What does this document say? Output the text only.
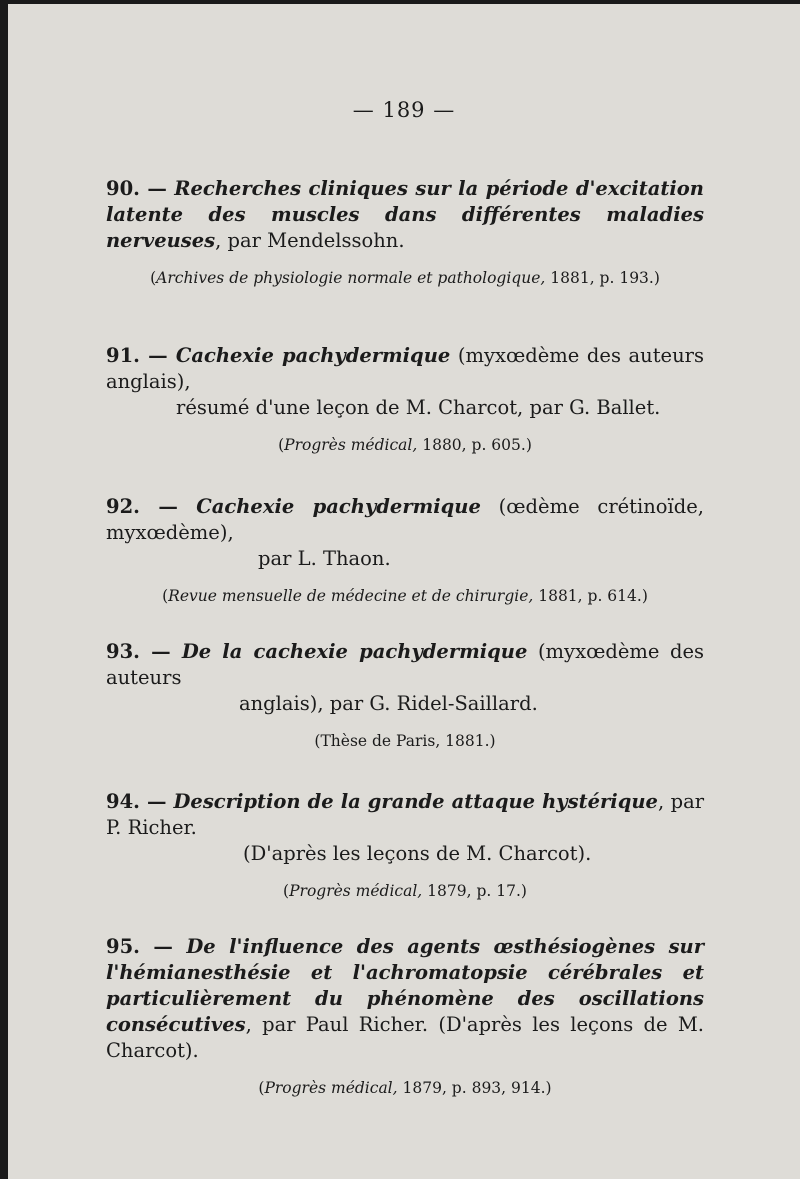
— 189 —
90. — Recherches cliniques sur la période d'excitation latente des muscles dans différentes maladies nerveuses, par Mendelssohn.
(Archives de physiologie normale et pathologique, 1881, p. 193.)
91. — Cachexie pachydermique (myxœdème des auteurs anglais),
résumé d'une leçon de M. Charcot, par G. Ballet.
(Progrès médical, 1880, p. 605.)
92. — Cachexie pachydermique (œdème crétinoïde, myxœdème),
par L. Thaon.
(Revue mensuelle de médecine et de chirurgie, 1881, p. 614.)
93. — De la cachexie pachydermique (myxœdème des auteurs
anglais), par G. Ridel-Saillard.
(Thèse de Paris, 1881.)
94. — Description de la grande attaque hystérique, par P. Richer.
(D'après les leçons de M. Charcot).
(Progrès médical, 1879, p. 17.)
95. — De l'influence des agents œsthésiogènes sur l'hémianesthésie et l'achromatopsie cérébrales et particulièrement du phénomène des oscillations consécutives, par Paul Richer. (D'après les leçons de M. Charcot).
(Progrès médical, 1879, p. 893, 914.)
